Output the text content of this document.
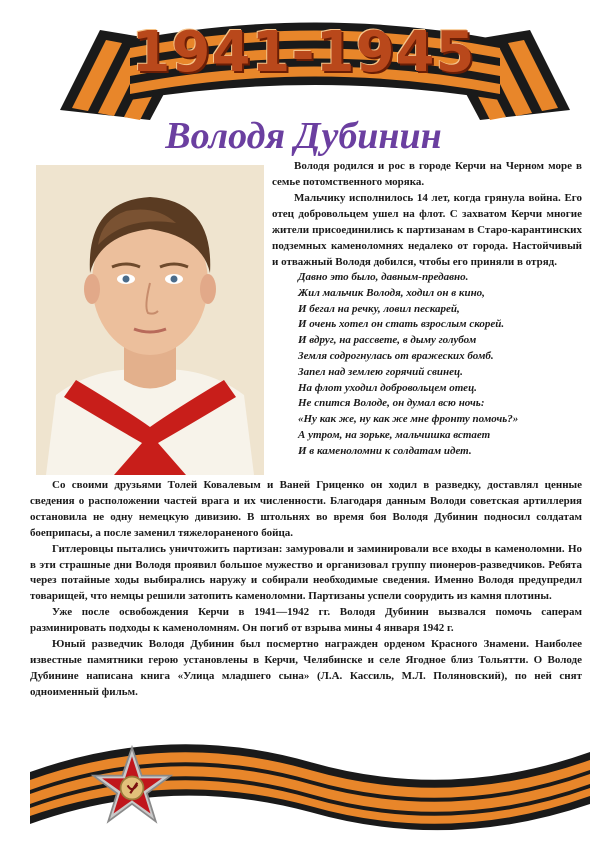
1941-1945
Володя Дубинин

Володя родился и рос в городе Керчи на Черном море в семье потомственного моряка.

Мальчику исполнилось 14 лет, когда грянула война. Его отец добровольцем ушел на флот. С захватом Керчи многие жители присоединились к партизанам в Старо-карантинских подземных каменоломнях недалеко от города. Настойчивый и отважный Володя добился, чтобы его приняли в отряд.

Давно это было, давным-предавно.
Жил мальчик Володя, ходил он в кино,
И бегал на речку, ловил пескарей,
И очень хотел он стать взрослым скорей.
И вдруг, на рассвете, в дыму голубом
Земля содрогнулась от вражеских бомб.
Запел над землею горячий свинец.
На флот уходил добровольцем отец.
Не спится Володе, он думал всю ночь:
«Ну как же, ну как же мне фронту помочь?»
А утром, на зорьке, мальчишка встает
И в каменоломни к солдатам идет.

Со своими друзьями Толей Ковалевым и Ваней Гриценко он ходил в разведку, доставлял ценные сведения о расположении частей врага и их численности. Благодаря данным Володи советская артиллерия остановила не одну немецкую дивизию. В штольнях во время боя Володя Дубинин подносил солдатам боеприпасы, а после заменил тяжелораненого бойца.

Гитлеровцы пытались уничтожить партизан: замуровали и заминировали все входы в каменоломни. Но в эти страшные дни Володя проявил большое мужество и организовал группу пионеров-разведчиков. Ребята через потайные ходы выбирались наружу и собирали необходимые сведения. Именно Володя предупредил товарищей, что немцы решили затопить каменоломни. Партизаны успели соорудить из камня плотины.

Уже после освобождения Керчи в 1941—1942 гг. Володя Дубинин вызвался помочь саперам разминировать подходы к каменоломням. Он погиб от взрыва мины 4 января 1942 г.

Юный разведчик Володя Дубинин был посмертно награжден орденом Красного Знамени. Наиболее известные памятники герою установлены в Керчи, Челябинске и селе Ягодное близ Тольятти. О Володе Дубинине написана книга «Улица младшего сына» (Л.А. Кассиль, М.Л. Поляновский), по ней снят одноименный фильм.
